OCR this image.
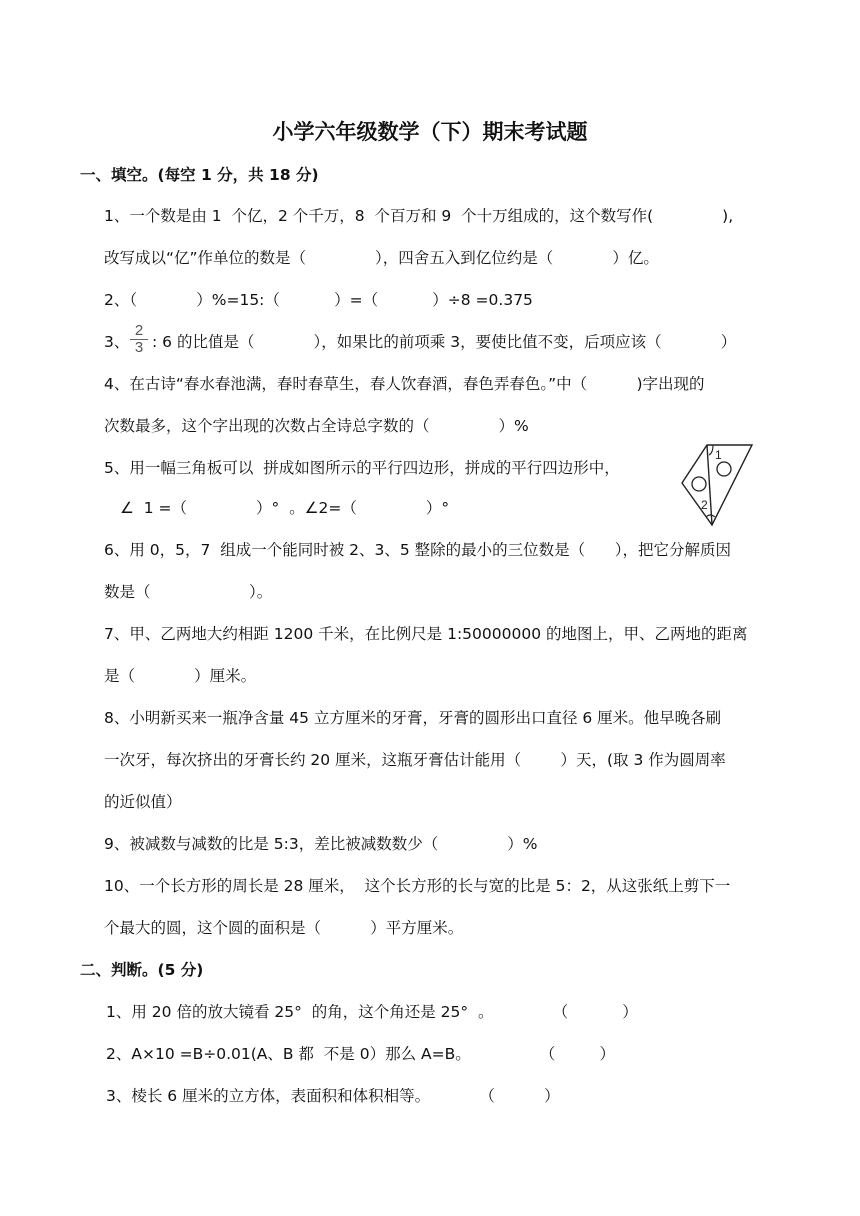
小学六年级数学（下）期末考试题
一、填空。(每空 1 分，共 18 分)
1、一个数是由 1  个亿，2 个千万，8  个百万和 9  个十万组成的，这个数写作(              ),
改写成以“亿”作单位的数是（              ），四舍五入到亿位约是（            ）亿。
2、（            ）%=15:（           ）=（           ）÷8 =0.375
3、 $\frac{2}{3}$ : 6 的比值是（            ），如果比的前项乘 3，要使比值不变，后项应该（            ）
4、在古诗“春水春池满，春时春草生，春人饮春酒，春色弄春色。”中（          )字出现的
次数最多，这个字出现的次数占全诗总字数的（              ）%
5、用一幅三角板可以  拼成如图所示的平行四边形，拼成的平行四边形中，
∠  1 =（              ）°  。∠2=（              ）°
1
2
6、用 0，5，7  组成一个能同时被 2、3、5 整除的最小的三位数是（      ），把它分解质因
数是（                    ）。
7、甲、乙两地大约相距 1200 千米，在比例尺是 1:50000000 的地图上，甲、乙两地的距离
是（            ）厘米。
8、小明新买来一瓶净含量 45 立方厘米的牙膏，牙膏的圆形出口直径 6 厘米。他早晚各刷
一次牙，每次挤出的牙膏长约 20 厘米，这瓶牙膏估计能用（        ）天，(取 3 作为圆周率
的近似值）
9、被减数与减数的比是 5:3，差比被减数数少（              ）%
10、一个长方形的周长是 28 厘米，  这个长方形的长与宽的比是 5：2，从这张纸上剪下一
个最大的圆，这个圆的面积是（          ）平方厘米。
二、判断。(5 分)
1、用 20 倍的放大镜看 25°  的角，这个角还是 25°  。            （           ）
2、A×10 =B÷0.01(A、B 都  不是 0）那么 A=B。              （         ）
3、棱长 6 厘米的立方体，表面积和体积相等。          （          ）
